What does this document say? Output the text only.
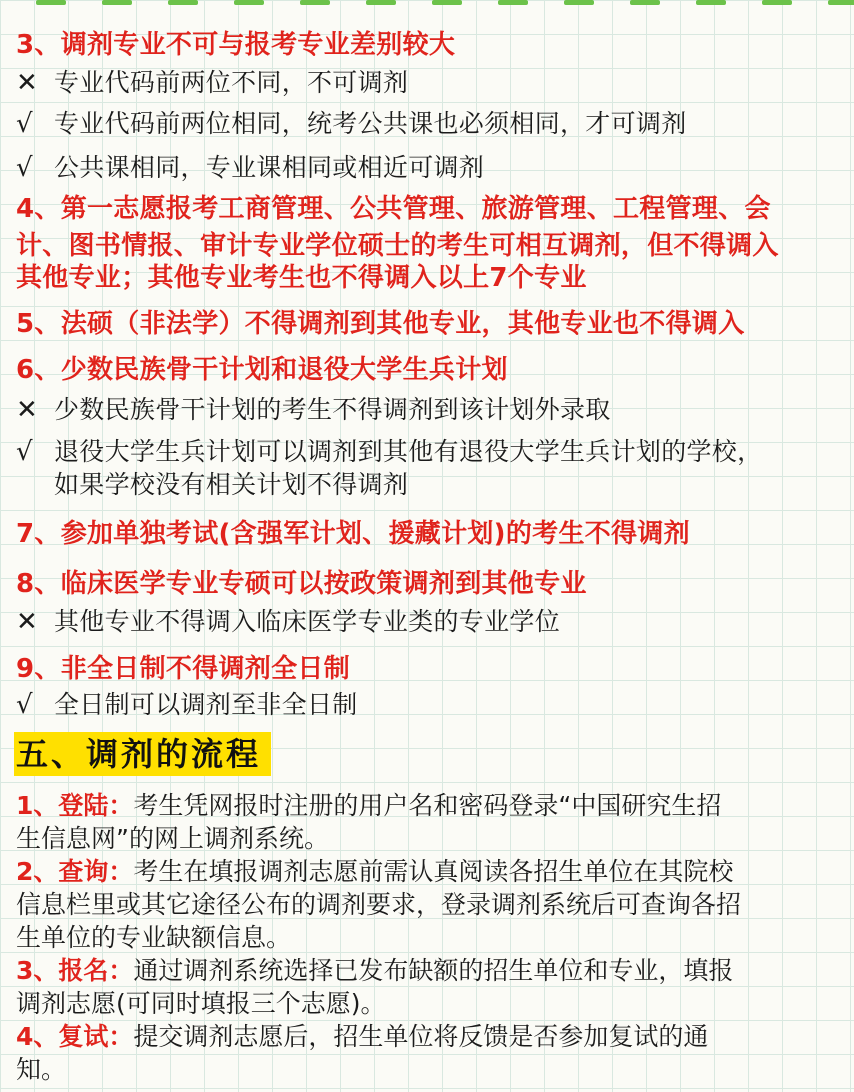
五、调剂的流程
3、调剂专业不可与报考专业差别较大
✕ 专业代码前两位不同，不可调剂
√ 专业代码前两位相同，统考公共课也必须相同，才可调剂
√ 公共课相同，专业课相同或相近可调剂
4、第一志愿报考工商管理、公共管理、旅游管理、工程管理、会
计、图书情报、审计专业学位硕士的考生可相互调剂，但不得调入
其他专业；其他专业考生也不得调入以上7个专业
5、法硕（非法学）不得调剂到其他专业，其他专业也不得调入
6、少数民族骨干计划和退役大学生兵计划
✕ 少数民族骨干计划的考生不得调剂到该计划外录取
√ 退役大学生兵计划可以调剂到其他有退役大学生兵计划的学校，
如果学校没有相关计划不得调剂
7、参加单独考试(含强军计划、援藏计划)的考生不得调剂
8、临床医学专业专硕可以按政策调剂到其他专业
✕ 其他专业不得调入临床医学专业类的专业学位
9、非全日制不得调剂全日制
√ 全日制可以调剂至非全日制
1、登陆：考生凭网报时注册的用户名和密码登录“中国研究生招
生信息网”的网上调剂系统。
2、查询：考生在填报调剂志愿前需认真阅读各招生单位在其院校
信息栏里或其它途径公布的调剂要求，登录调剂系统后可查询各招
生单位的专业缺额信息。
3、报名：通过调剂系统选择已发布缺额的招生单位和专业，填报
调剂志愿(可同时填报三个志愿)。
4、复试：提交调剂志愿后，招生单位将反馈是否参加复试的通
知。
